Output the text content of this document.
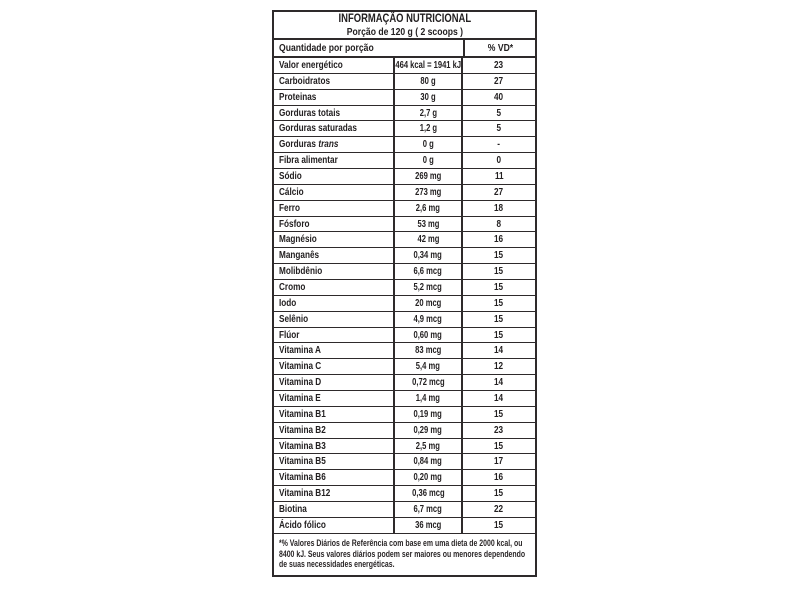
INFORMAÇÃO NUTRICIONAL
Porção de 120 g ( 2 scoops )
Quantidade por porção	% VD*
Valor energético	464 kcal = 1941 kJ	23
Carboidratos	80 g	27
Proteinas	30 g	40
Gorduras totais	2,7 g	5
Gorduras saturadas	1,2 g	5
Gorduras trans	0 g	-
Fibra alimentar	0 g	0
Sódio	269 mg	11
Cálcio	273 mg	27
Ferro	2,6 mg	18
Fósforo	53 mg	8
Magnésio	42 mg	16
Manganês	0,34 mg	15
Molibdênio	6,6 mcg	15
Cromo	5,2 mcg	15
Iodo	20 mcg	15
Selênio	4,9 mcg	15
Flúor	0,60 mg	15
Vitamina A	83 mcg	14
Vitamina C	5,4 mg	12
Vitamina D	0,72 mcg	14
Vitamina E	1,4 mg	14
Vitamina B1	0,19 mg	15
Vitamina B2	0,29 mg	23
Vitamina B3	2,5 mg	15
Vitamina B5	0,84 mg	17
Vitamina B6	0,20 mg	16
Vitamina B12	0,36 mcg	15
Biotina	6,7 mcg	22
Ácido fólico	36 mcg	15
*% Valores Diários de Referência com base em uma dieta de 2000 kcal, ou
8400 kJ. Seus valores diários podem ser maiores ou menores dependendo
de suas necessidades energéticas.
